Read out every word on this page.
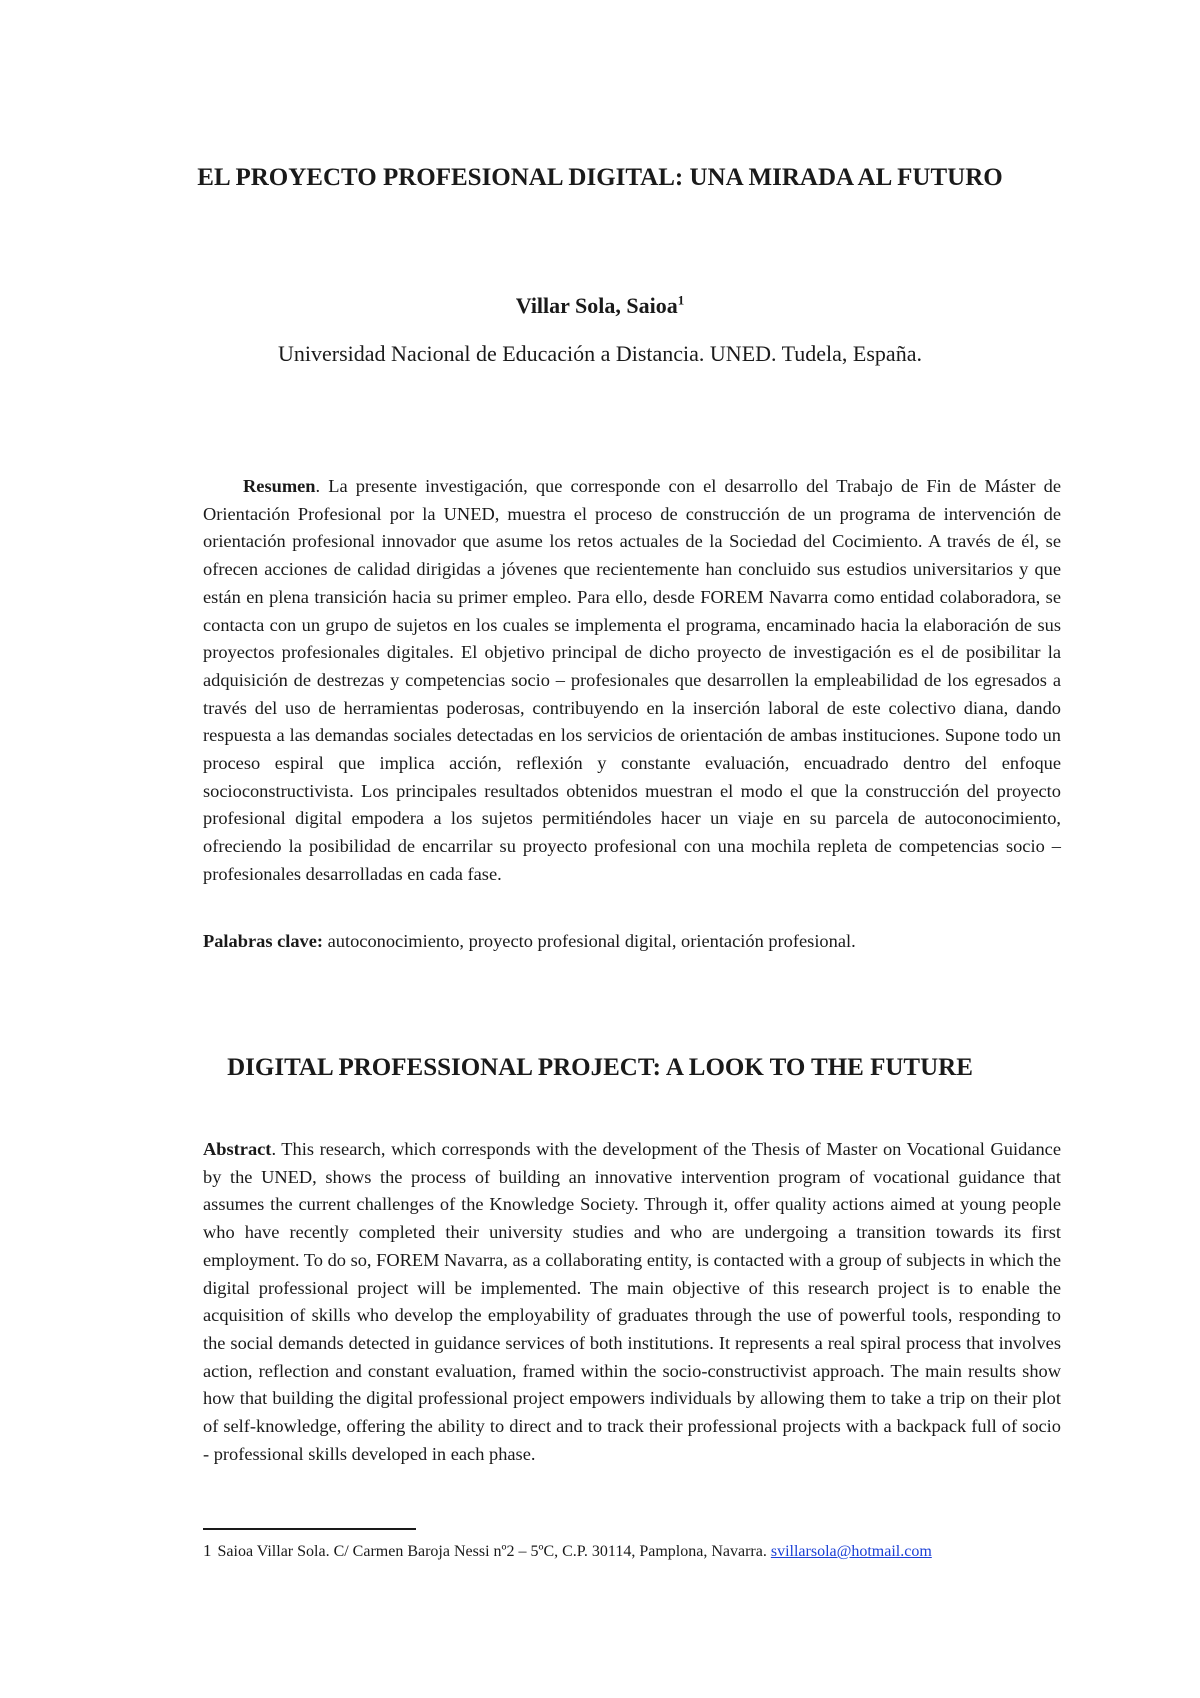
EL PROYECTO PROFESIONAL DIGITAL: UNA MIRADA AL FUTURO

Villar Sola, Saioa$^1$

Universidad Nacional de Educación a Distancia. UNED. Tudela, España.

Resumen. La presente investigación, que corresponde con el desarrollo del Trabajo de Fin de Máster de Orientación Profesional por la UNED, muestra el proceso de construcción de un programa de intervención de orientación profesional innovador que asume los retos actuales de la Sociedad del Cocimiento. A través de él, se ofrecen acciones de calidad dirigidas a jóvenes que recientemente han concluido sus estudios universitarios y que están en plena transición hacia su primer empleo. Para ello, desde FOREM Navarra como entidad colaboradora, se contacta con un grupo de sujetos en los cuales se implementa el programa, encaminado hacia la elaboración de sus proyectos profesionales digitales. El objetivo principal de dicho proyecto de investigación es el de posibilitar la adquisición de destrezas y competencias socio – profesionales que desarrollen la empleabilidad de los egresados a través del uso de herramientas poderosas, contribuyendo en la inserción laboral de este colectivo diana, dando respuesta a las demandas sociales detectadas en los servicios de orientación de ambas instituciones. Supone todo un proceso espiral que implica acción, reflexión y constante evaluación, encuadrado dentro del enfoque socioconstructivista. Los principales resultados obtenidos muestran el modo el que la construcción del proyecto profesional digital empodera a los sujetos permitiéndoles hacer un viaje en su parcela de autoconocimiento, ofreciendo la posibilidad de encarrilar su proyecto profesional con una mochila repleta de competencias socio – profesionales desarrolladas en cada fase.

Palabras clave: autoconocimiento, proyecto profesional digital, orientación profesional.

DIGITAL PROFESSIONAL PROJECT: A LOOK TO THE FUTURE

Abstract. This research, which corresponds with the development of the Thesis of Master on Vocational Guidance by the UNED, shows the process of building an innovative intervention program of vocational guidance that assumes the current challenges of the Knowledge Society. Through it, offer quality actions aimed at young people who have recently completed their university studies and who are undergoing a transition towards its first employment. To do so, FOREM Navarra, as a collaborating entity, is contacted with a group of subjects in which the digital professional project will be implemented. The main objective of this research project is to enable the acquisition of skills who develop the employability of graduates through the use of powerful tools, responding to the social demands detected in guidance services of both institutions. It represents a real spiral process that involves action, reflection and constant evaluation, framed within the socio-constructivist approach. The main results show how that building the digital professional project empowers individuals by allowing them to take a trip on their plot of self-knowledge, offering the ability to direct and to track their professional projects with a backpack full of socio - professional skills developed in each phase.

1 Saioa Villar Sola. C/ Carmen Baroja Nessi nº2 – 5ºC, C.P. 30114, Pamplona, Navarra. svillarsola@hotmail.com
